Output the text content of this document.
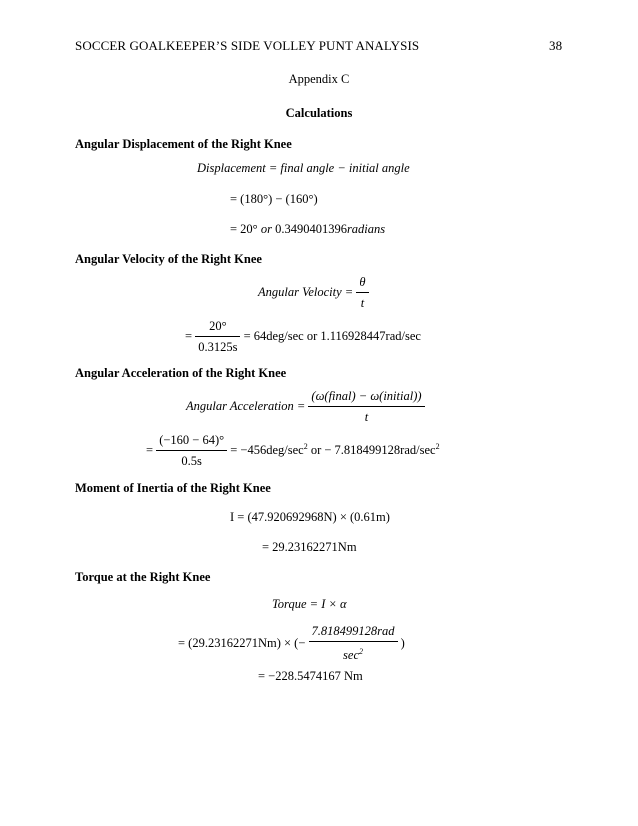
SOCCER GOALKEEPER’S SIDE VOLLEY PUNT ANALYSIS	38
Appendix C
Calculations
Angular Displacement of the Right Knee
Displacement = final angle − initial angle
= (180°) − (160°)
= 20° or 0.3490401396radians
Angular Velocity of the Right Knee
Angular Velocity = $\frac{\theta}{t}$
= $\frac{20^\circ}{0.3125s} = 64deg/\sec$ or 1.116928447rad/sec
Angular Acceleration of the Right Knee
Angular Acceleration = $\frac{\text{(ω(final) − ω(initial))}}{t}$
= $\frac{(-160 - 64)^\circ}{0.5s} = -456deg/\sec^2$ or − $7.818499128rad/\sec^2$
Moment of Inertia of the Right Knee
I = (47.920692968N) × (0.61m)
= 29.23162271Nm
Torque at the Right Knee
Torque = I × α
= (29.23162271Nm) × (− $\frac{\text{7.818499128rad}}{\sec^2}$ )
= −228.5474167 Nm
